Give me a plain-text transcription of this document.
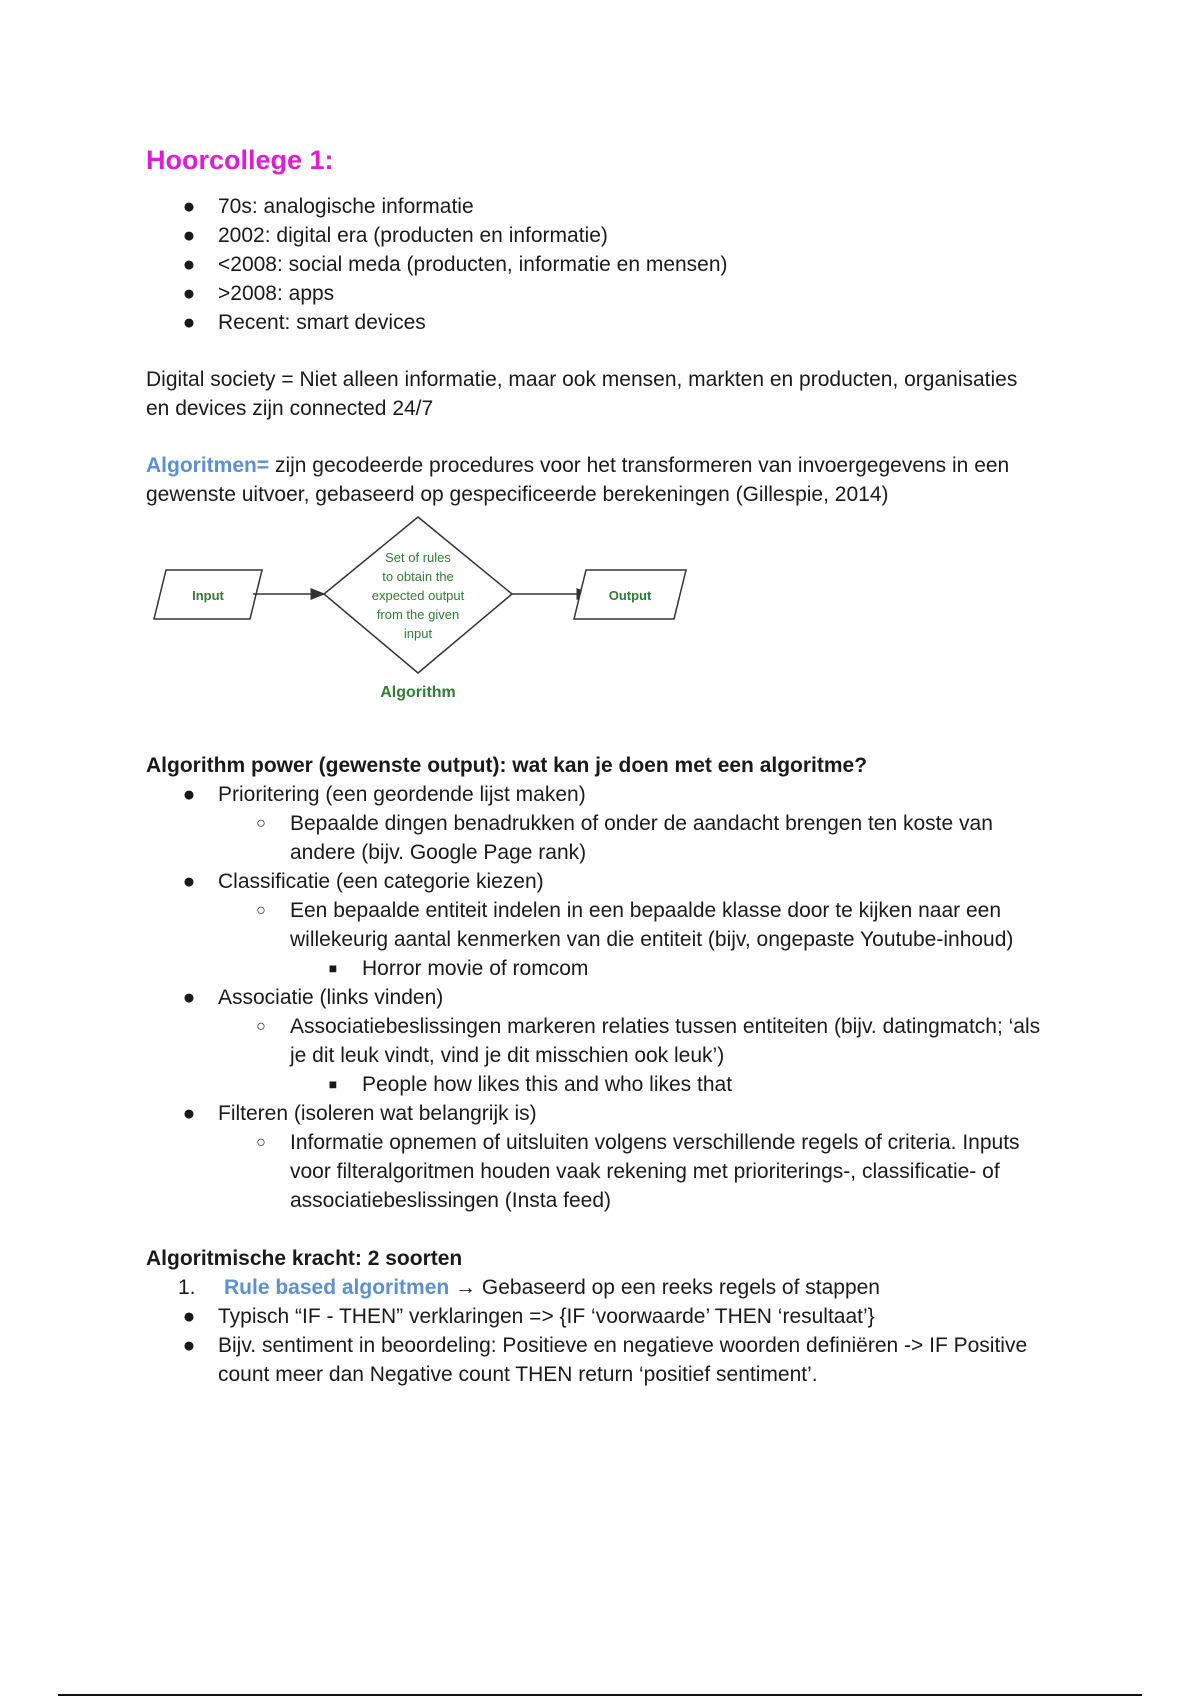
Hoorcollege 1:
●	70s: analogische informatie
●	2002: digital era (producten en informatie)
●	<2008: social meda (producten, informatie en mensen)
●	>2008: apps
●	Recent: smart devices

Digital society = Niet alleen informatie, maar ook mensen, markten en producten, organisaties
en devices zijn connected 24/7

Algoritmen= zijn gecodeerde procedures voor het transformeren van invoergegevens in een
gewenste uitvoer, gebaseerd op gespecificeerde berekeningen (Gillespie, 2014)

Input
Set of rules
to obtain the
expected output
from the given
input
Output
Algorithm

Algorithm power (gewenste output): wat kan je doen met een algoritme?

●	Prioritering (een geordende lijst maken)
○	Bepaalde dingen benadrukken of onder de aandacht brengen ten koste van
andere (bijv. Google Page rank)
●	Classificatie (een categorie kiezen)
○	Een bepaalde entiteit indelen in een bepaalde klasse door te kijken naar een
willekeurig aantal kenmerken van die entiteit (bijv, ongepaste Youtube-inhoud)
■	Horror movie of romcom
●	Associatie (links vinden)
○	Associatiebeslissingen markeren relaties tussen entiteiten (bijv. datingmatch; ‘als
je dit leuk vindt, vind je dit misschien ook leuk’)
■	People how likes this and who likes that
●	Filteren (isoleren wat belangrijk is)
○	Informatie opnemen of uitsluiten volgens verschillende regels of criteria. Inputs
voor filteralgoritmen houden vaak rekening met prioriterings-, classificatie- of
associatiebeslissingen (Insta feed)

Algoritmische kracht: 2 soorten

1. Rule based algoritmen → Gebaseerd op een reeks regels of stappen
●	Typisch “IF - THEN” verklaringen => {IF ‘voorwaarde’ THEN ‘resultaat’}
●	Bijv. sentiment in beoordeling: Positieve en negatieve woorden definiëren -> IF Positive
count meer dan Negative count THEN return ‘positief sentiment’.
